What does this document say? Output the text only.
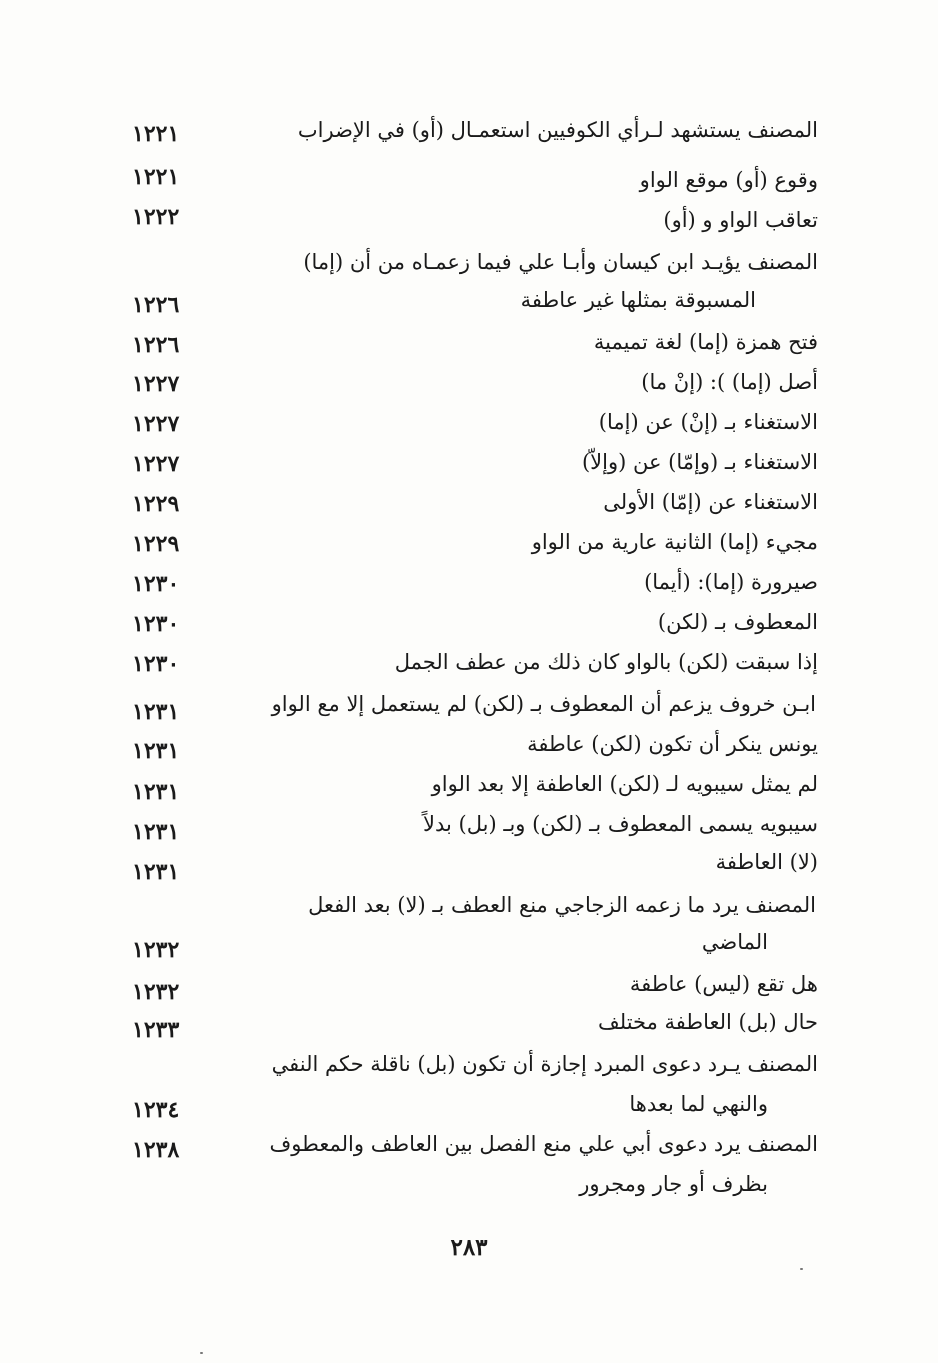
المصنف يستشهد لـرأي الكوفيين استعمـال (أو) في الإضراب
١٢٢١
وقوع (أو) موقع الواو
١٢٢١
تعاقب الواو و (أو)
١٢٢٢
المصنف يؤيـد ابن كيسان وأبـا علي فيما زعمـاه من أن (إما)
المسبوقة بمثلها غير عاطفة
١٢٢٦
فتح همزة (إما) لغة تميمية
١٢٢٦
أصل (إما) ): (إنْ ما)
١٢٢٧
الاستغناء بـ (إنْ) عن (إما)
١٢٢٧
الاستغناء بـ (وإمّا) عن (وإلاّ)
١٢٢٧
الاستغناء عن (إمّا) الأولى
١٢٢٩
مجيء (إما) الثانية عارية من الواو
١٢٢٩
صيرورة (إما): (أيما)
١٢٣٠
المعطوف بـ (لكن)
١٢٣٠
إذا سبقت (لكن) بالواو كان ذلك من عطف الجمل
١٢٣٠
ابـن خروف يزعم أن المعطوف بـ (لكن) لم يستعمل إلا مع الواو
١٢٣١
يونس ينكر أن تكون (لكن) عاطفة
١٢٣١
لم يمثل سيبويه لـ (لكن) العاطفة إلا بعد الواو
١٢٣١
سيبويه يسمى المعطوف بـ (لكن) وبـ (بل) بدلاً
١٢٣١
(لا) العاطفة
١٢٣١
المصنف يرد ما زعمه الزجاجي منع العطف بـ (لا) بعد الفعل
الماضي
١٢٣٢
هل تقع (ليس) عاطفة
١٢٣٢
حال (بل) العاطفة مختلف
١٢٣٣
المصنف يـرد دعوى المبرد إجازة أن تكون (بل) ناقلة حكم النفي
والنهي لما بعدها
١٢٣٤
المصنف يرد دعوى أبي علي منع الفصل بين العاطف والمعطوف
١٢٣٨
بظرف أو جار ومجرور
٢٨٣
